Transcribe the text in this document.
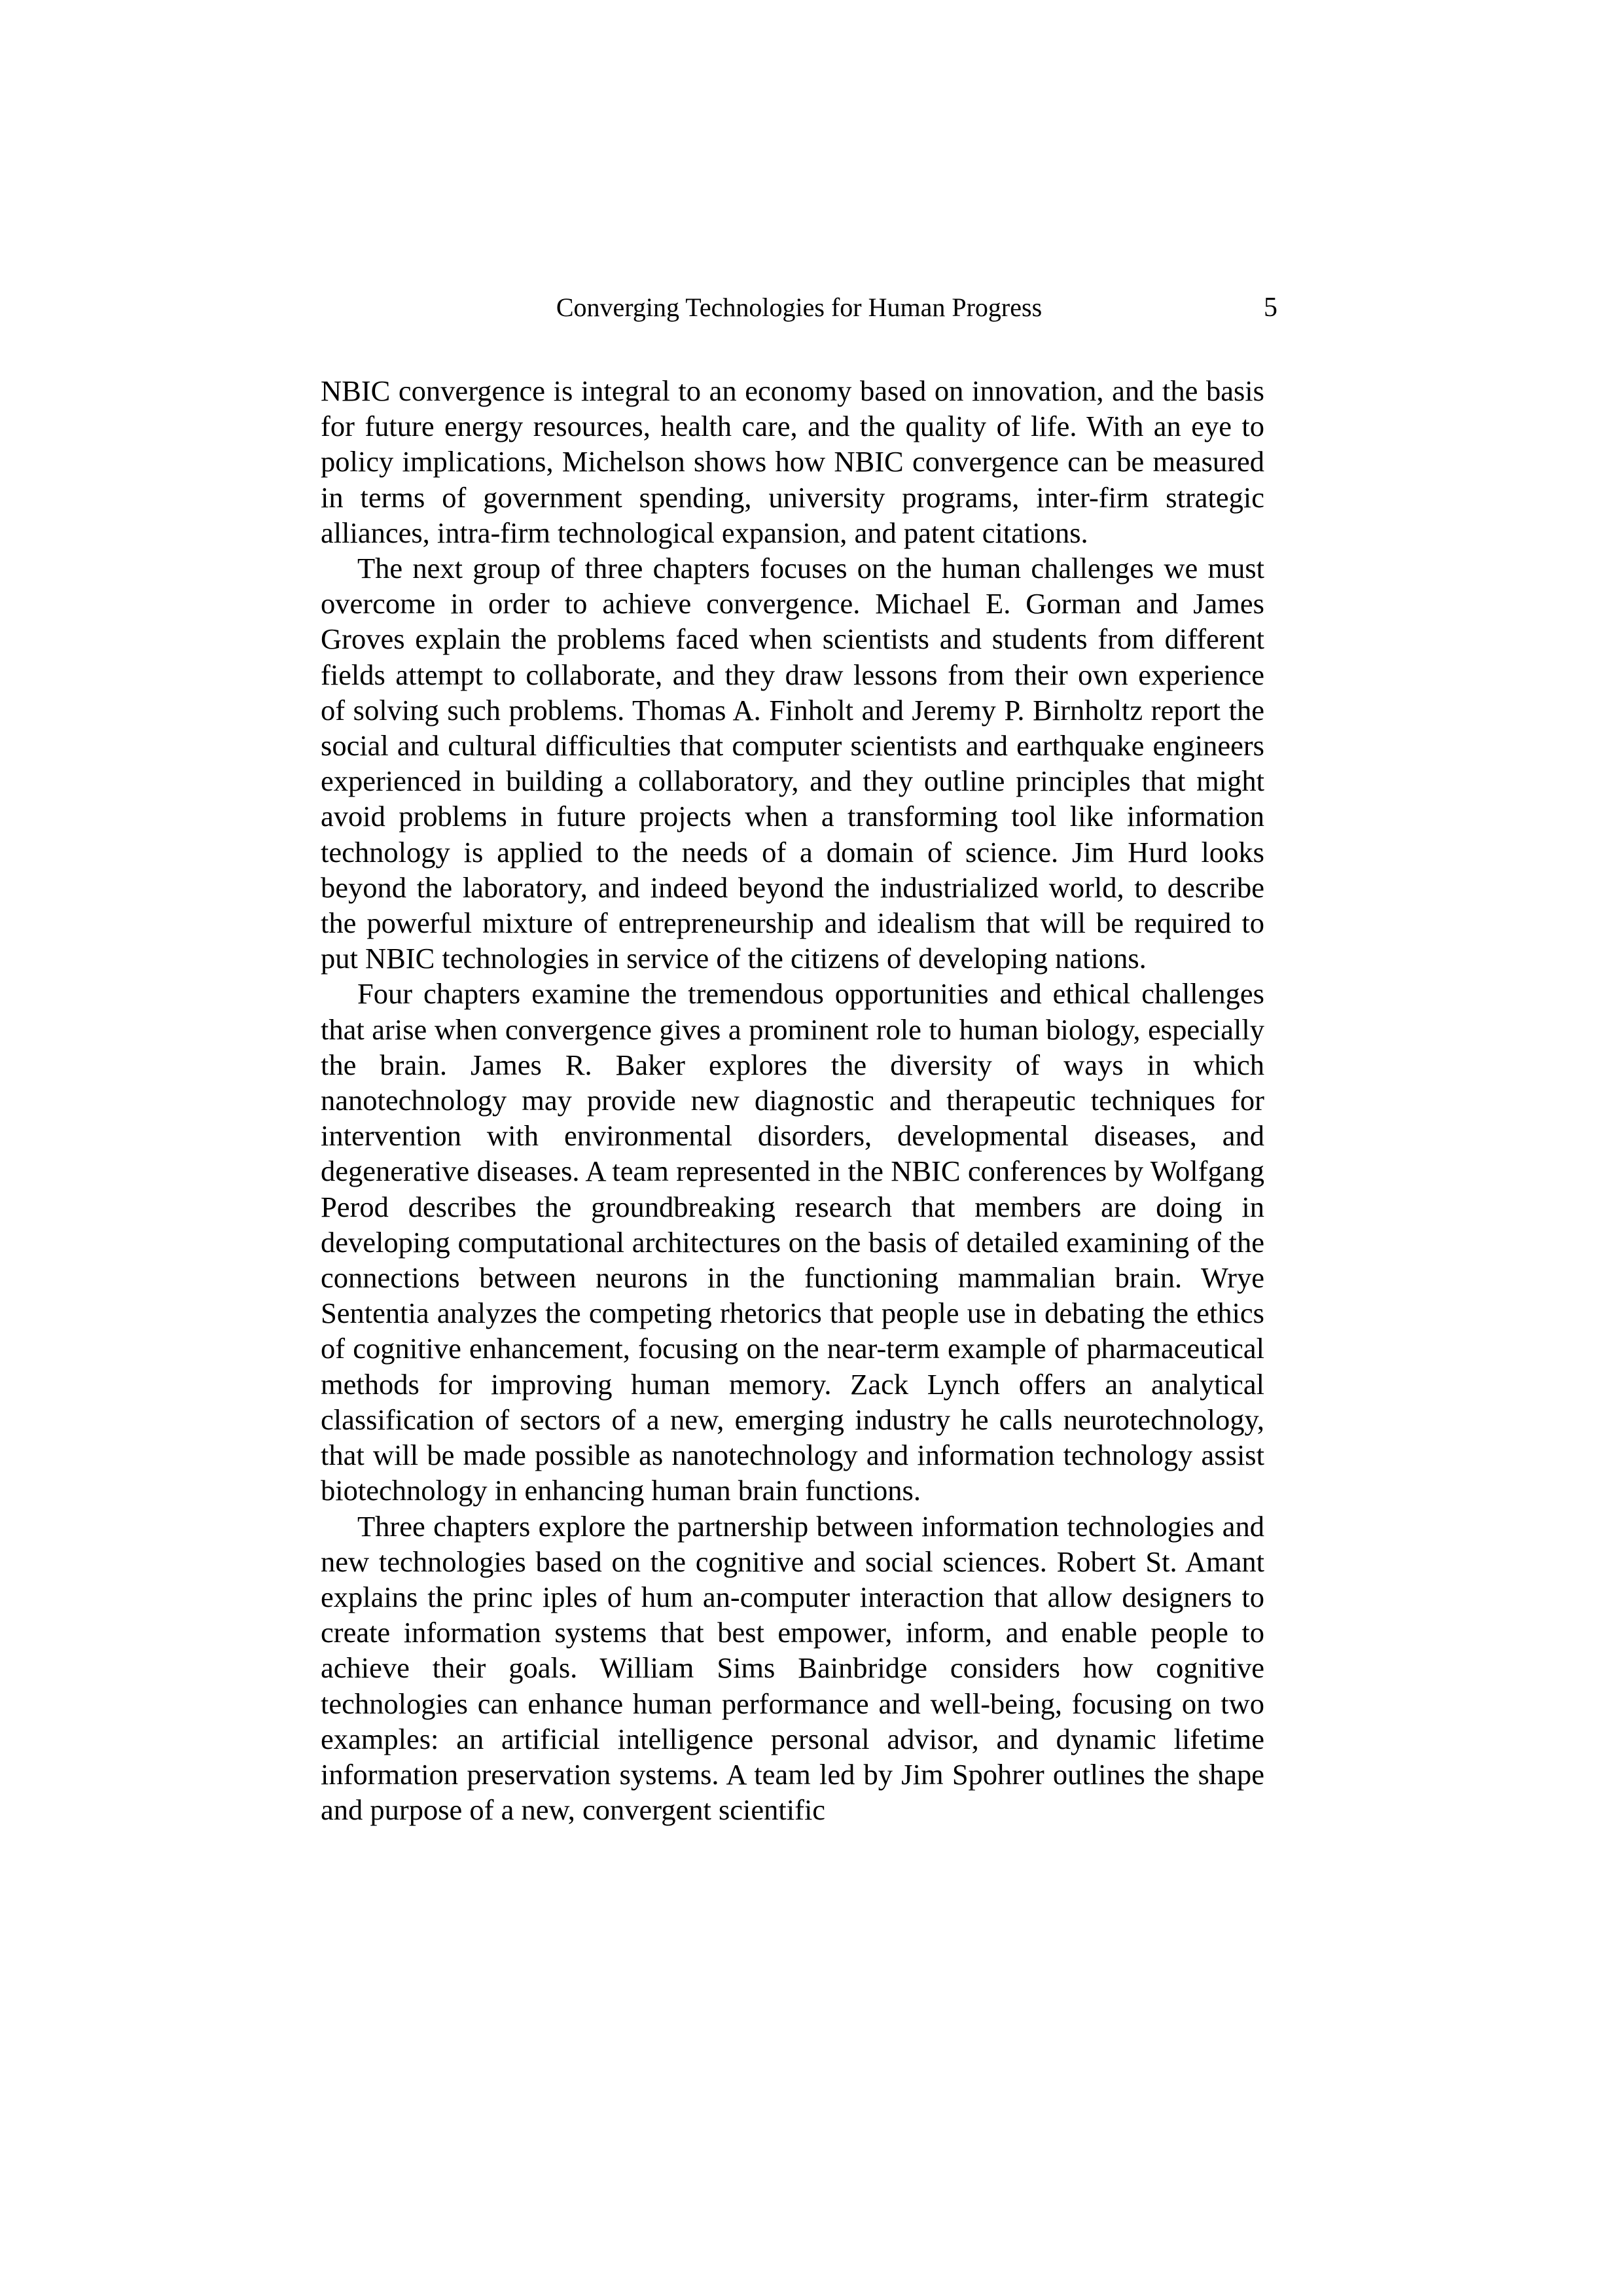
Converging Technologies for Human Progress	5

NBIC convergence is integral to an economy based on innovation, and the basis for future energy resources, health care, and the quality of life. With an eye to policy implications, Michelson shows how NBIC convergence can be measured in terms of government spending, university programs, inter-firm strategic alliances, intra-firm technological expansion, and patent citations.

The next group of three chapters focuses on the human challenges we must overcome in order to achieve convergence. Michael E. Gorman and James Groves explain the problems faced when scientists and students from different fields attempt to collaborate, and they draw lessons from their own experience of solving such problems. Thomas A. Finholt and Jeremy P. Birnholtz report the social and cultural difficulties that computer scientists and earthquake engineers experienced in building a collaboratory, and they outline principles that might avoid problems in future projects when a transforming tool like information technology is applied to the needs of a domain of science. Jim Hurd looks beyond the laboratory, and indeed beyond the industrialized world, to describe the powerful mixture of entrepreneurship and idealism that will be required to put NBIC technologies in service of the citizens of developing nations.

Four chapters examine the tremendous opportunities and ethical challenges that arise when convergence gives a prominent role to human biology, especially the brain. James R. Baker explores the diversity of ways in which nanotechnology may provide new diagnostic and therapeutic techniques for intervention with environmental disorders, developmental diseases, and degenerative diseases. A team represented in the NBIC conferences by Wolfgang Perod describes the groundbreaking research that members are doing in developing computational architectures on the basis of detailed examining of the connections between neurons in the functioning mammalian brain. Wrye Sententia analyzes the competing rhetorics that people use in debating the ethics of cognitive enhancement, focusing on the near-term example of pharmaceutical methods for improving human memory. Zack Lynch offers an analytical classification of sectors of a new, emerging industry he calls neurotechnology, that will be made possible as nanotechnology and information technology assist biotechnology in enhancing human brain functions.

Three chapters explore the partnership between information technologies and new technologies based on the cognitive and social sciences. Robert St. Amant explains the princ iples of hum an-computer interaction that allow designers to create information systems that best empower, inform, and enable people to achieve their goals. William Sims Bainbridge considers how cognitive technologies can enhance human performance and well-being, focusing on two examples: an artificial intelligence personal advisor, and dynamic lifetime information preservation systems. A team led by Jim Spohrer outlines the shape and purpose of a new, convergent scientific
